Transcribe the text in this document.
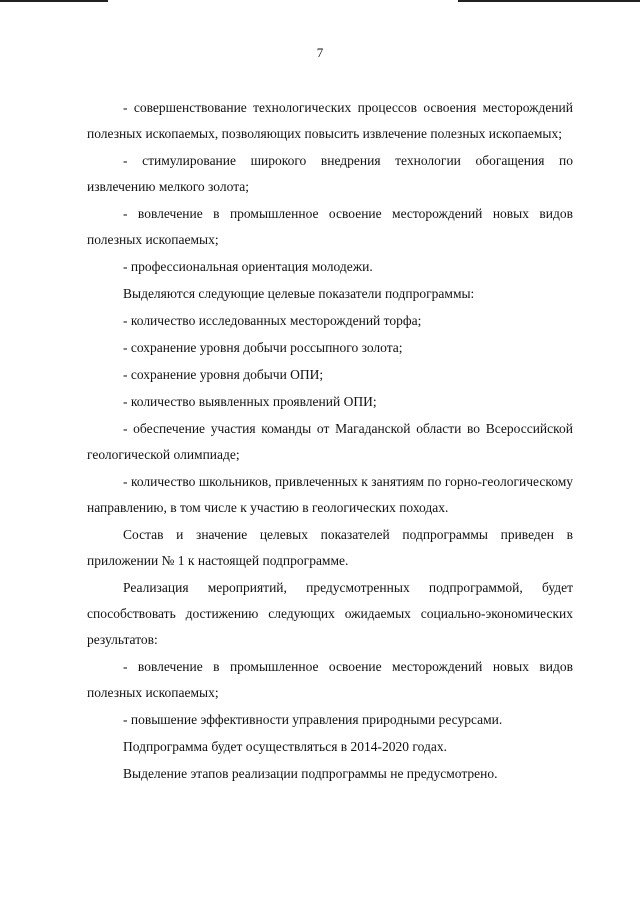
7

- совершенствование технологических процессов освоения месторождений полезных ископаемых, позволяющих повысить извлечение полезных ископаемых;

- стимулирование широкого внедрения технологии обогащения по извлечению мелкого золота;

- вовлечение в промышленное освоение месторождений новых видов полезных ископаемых;

- профессиональная ориентация молодежи.

Выделяются следующие целевые показатели подпрограммы:

- количество исследованных месторождений торфа;

- сохранение уровня добычи россыпного золота;

- сохранение уровня добычи ОПИ;

- количество выявленных проявлений ОПИ;

- обеспечение участия команды от Магаданской области во Всероссийской геологической олимпиаде;

- количество школьников, привлеченных к занятиям по горно-геологическому направлению, в том числе к участию в геологических походах.

Состав и значение целевых показателей подпрограммы приведен в приложении № 1 к настоящей подпрограмме.

Реализация мероприятий, предусмотренных подпрограммой, будет способствовать достижению следующих ожидаемых социально-экономических результатов:

- вовлечение в промышленное освоение месторождений новых видов полезных ископаемых;

- повышение эффективности управления природными ресурсами.

Подпрограмма будет осуществляться в 2014-2020 годах.

Выделение этапов реализации подпрограммы не предусмотрено.
